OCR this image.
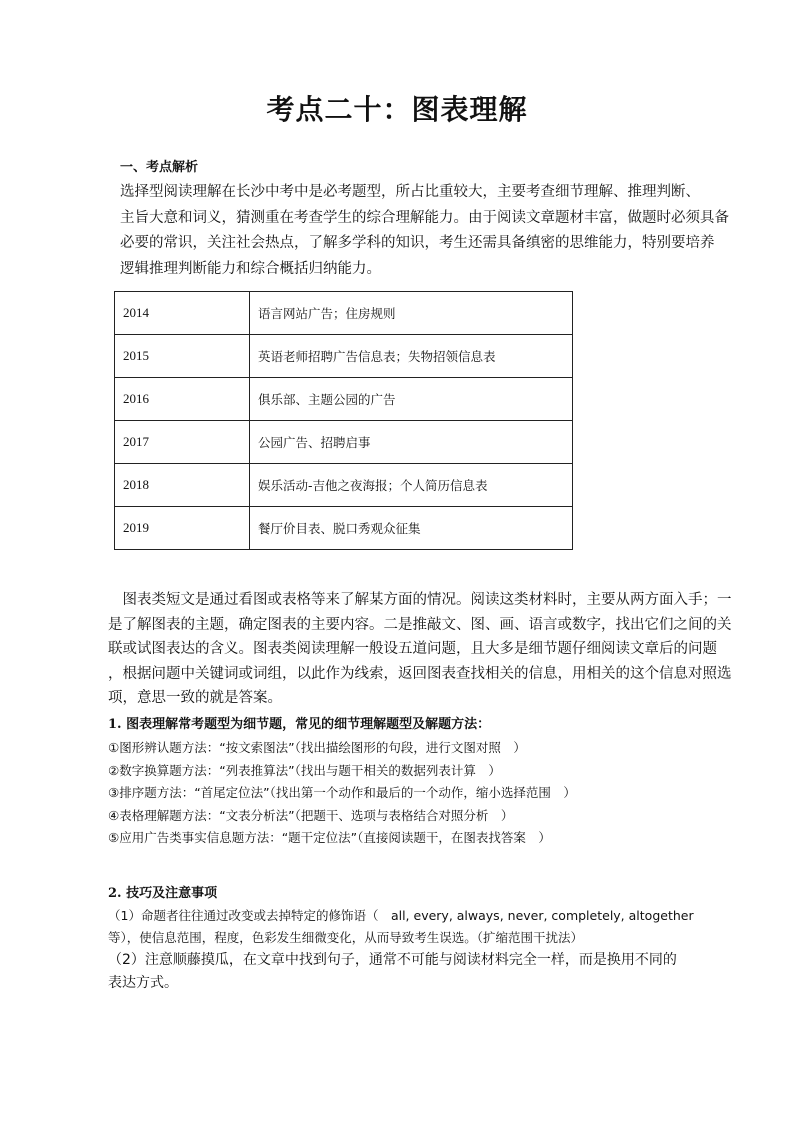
考点二十：图表理解
一、考点解析
选择型阅读理解在长沙中考中是必考题型，所占比重较大，主要考查细节理解、推理判断、
主旨大意和词义，猜测重在考查学生的综合理解能力。由于阅读文章题材丰富，做题时必须具备
必要的常识，关注社会热点，了解多学科的知识，考生还需具备缜密的思维能力，特别要培养
逻辑推理判断能力和综合概括归纳能力。
2014	语言网站广告；住房规则
2015	英语老师招聘广告信息表；失物招领信息表
2016	俱乐部、主题公园的广告
2017	公园广告、招聘启事
2018	娱乐活动-吉他之夜海报；个人简历信息表
2019	餐厅价目表、脱口秀观众征集
　图表类短文是通过看图或表格等来了解某方面的情况。阅读这类材料时，主要从两方面入手；一
是了解图表的主题，确定图表的主要内容。二是推敲文、图、画、语言或数字，找出它们之间的关
联或试图表达的含义。图表类阅读理解一般设五道问题，且大多是细节题仔细阅读文章后的问题
，根据问题中关键词或词组，以此作为线索，返回图表查找相关的信息，用相关的这个信息对照选
项，意思一致的就是答案。
1. 图表理解常考题型为细节题，常见的细节理解题型及解题方法：
①图形辨认题方法：“按文索图法”（找出描绘图形的句段，进行文图对照　）
②数字换算题方法：“列表推算法”（找出与题干相关的数据列表计算　）
③排序题方法：“首尾定位法”（找出第一个动作和最后的一个动作，缩小选择范围　）
④表格理解题方法：“文表分析法”（把题干、选项与表格结合对照分析　）
⑤应用广告类事实信息题方法：“题干定位法”（直接阅读题干，在图表找答案　）
2. 技巧及注意事项
（1）命题者往往通过改变或去掉特定的修饰语（　all, every, always, never, completely, altogether
等），使信息范围，程度，色彩发生细微变化，从而导致考生误选。（扩缩范围干扰法）
（2）注意顺藤摸瓜，在文章中找到句子，通常不可能与阅读材料完全一样，而是换用不同的
表达方式。
